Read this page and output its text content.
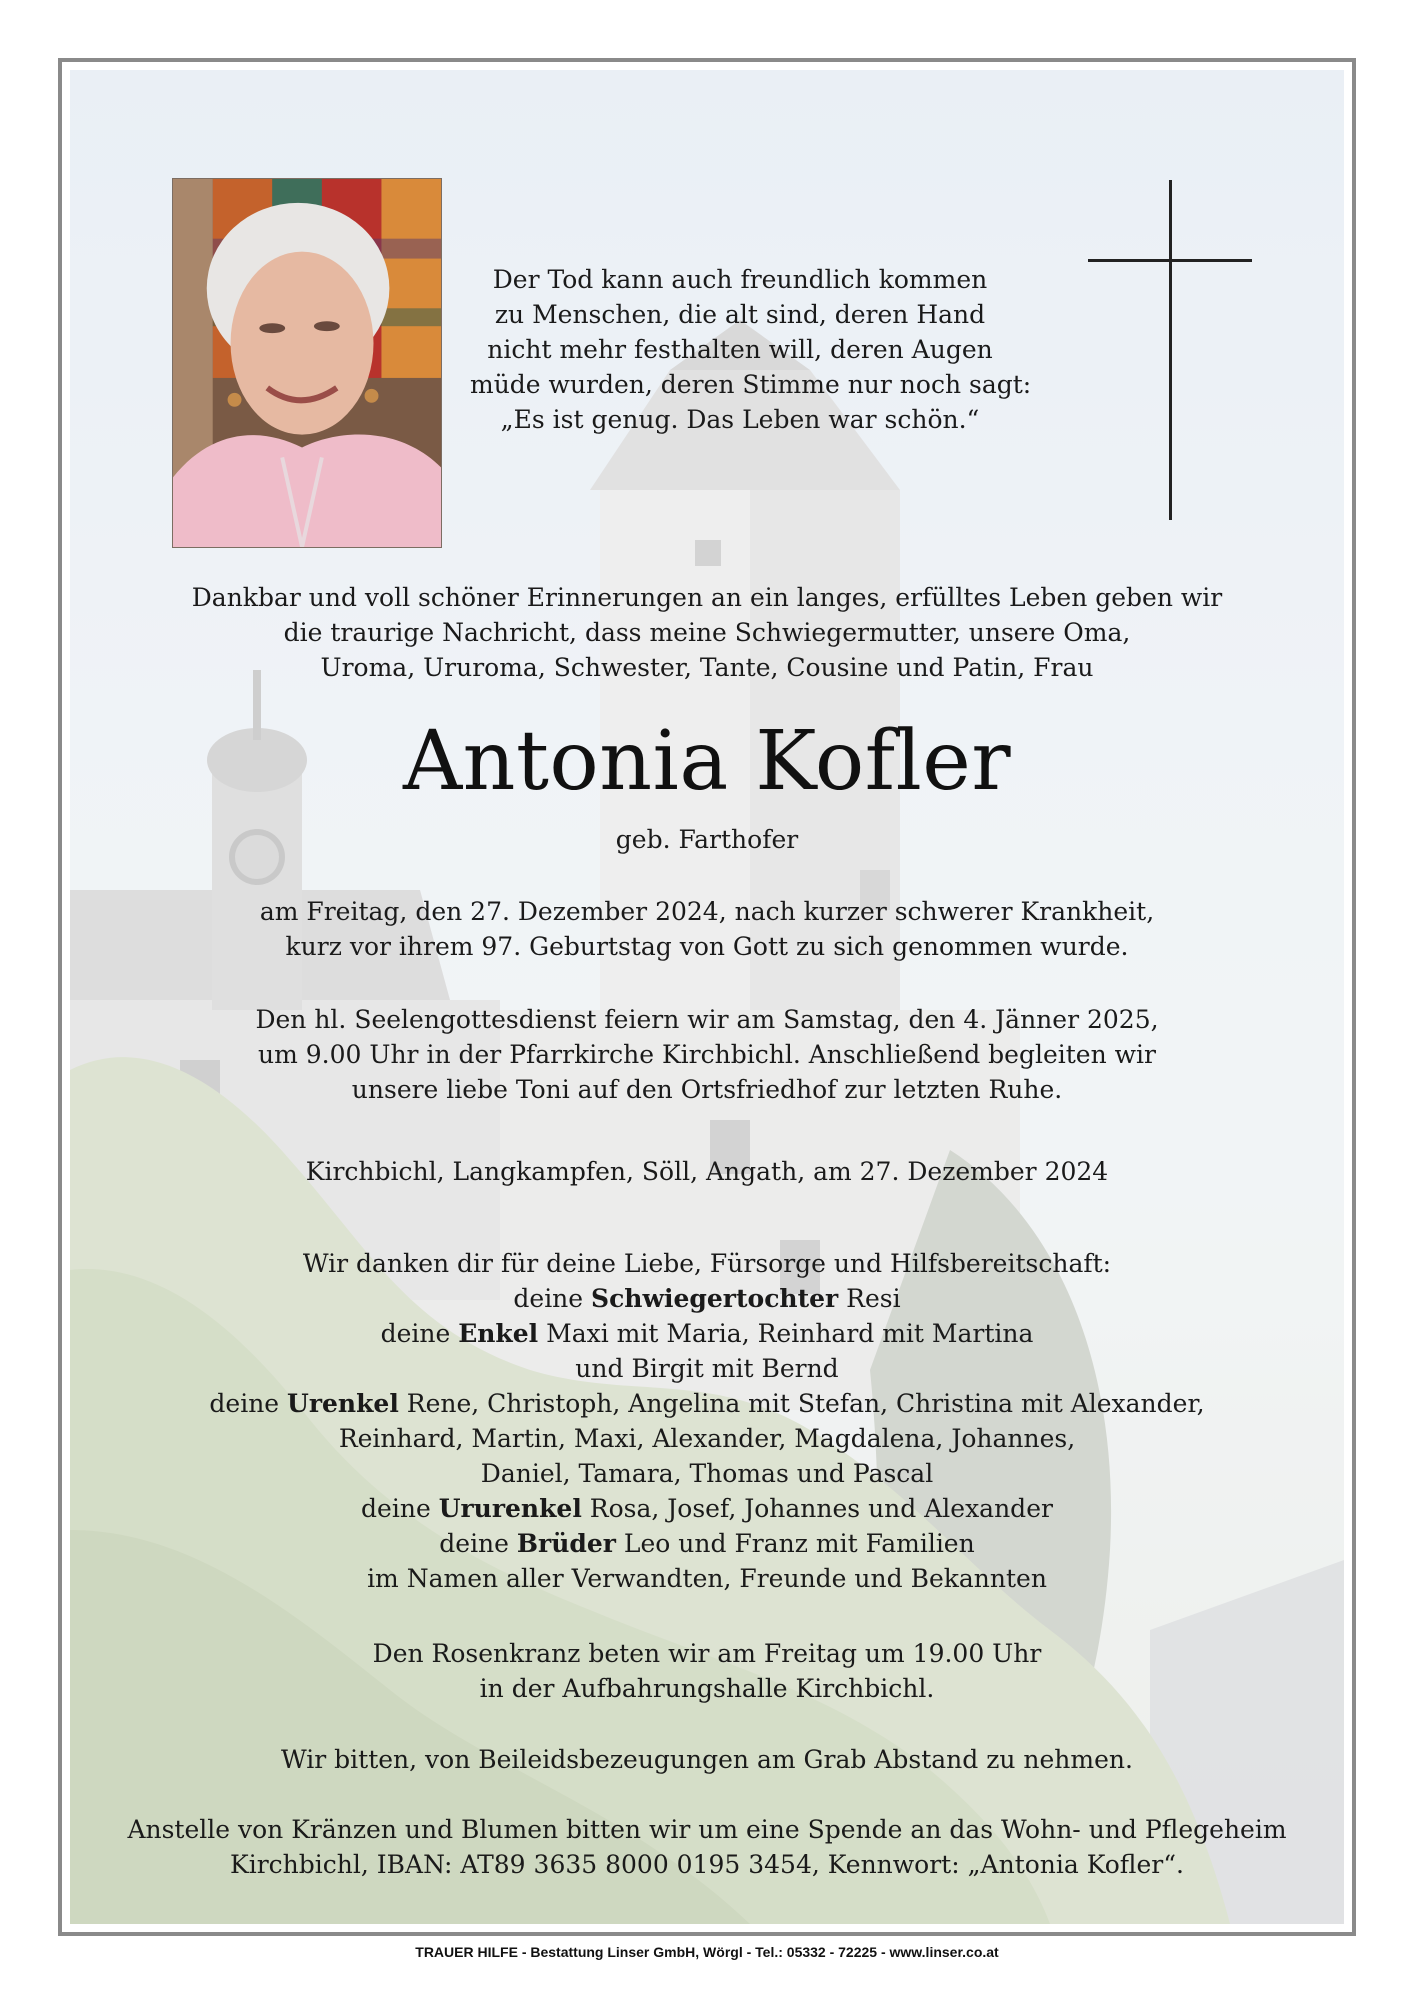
Der Tod kann auch freundlich kommen
zu Menschen, die alt sind, deren Hand
nicht mehr festhalten will, deren Augen
müde wurden, deren Stimme nur noch sagt:
„Es ist genug. Das Leben war schön.“
Dankbar und voll schöner Erinnerungen an ein langes, erfülltes Leben geben wir
die traurige Nachricht, dass meine Schwiegermutter, unsere Oma,
Uroma, Ururoma, Schwester, Tante, Cousine und Patin, Frau
Antonia Kofler
geb. Farthofer
am Freitag, den 27. Dezember 2024, nach kurzer schwerer Krankheit,
kurz vor ihrem 97. Geburtstag von Gott zu sich genommen wurde.
Den hl. Seelengottesdienst feiern wir am Samstag, den 4. Jänner 2025,
um 9.00 Uhr in der Pfarrkirche Kirchbichl. Anschließend begleiten wir
unsere liebe Toni auf den Ortsfriedhof zur letzten Ruhe.
Kirchbichl, Langkampfen, Söll, Angath, am 27. Dezember 2024
Wir danken dir für deine Liebe, Fürsorge und Hilfsbereitschaft:
deine Schwiegertochter Resi
deine Enkel Maxi mit Maria, Reinhard mit Martina
und Birgit mit Bernd
deine Urenkel Rene, Christoph, Angelina mit Stefan, Christina mit Alexander,
Reinhard, Martin, Maxi, Alexander, Magdalena, Johannes,
Daniel, Tamara, Thomas und Pascal
deine Ururenkel Rosa, Josef, Johannes und Alexander
deine Brüder Leo und Franz mit Familien
im Namen aller Verwandten, Freunde und Bekannten
Den Rosenkranz beten wir am Freitag um 19.00 Uhr
in der Aufbahrungshalle Kirchbichl.
Wir bitten, von Beileidsbezeugungen am Grab Abstand zu nehmen.
Anstelle von Kränzen und Blumen bitten wir um eine Spende an das Wohn- und Pflegeheim
Kirchbichl, IBAN: AT89 3635 8000 0195 3454, Kennwort: „Antonia Kofler“.
TRAUER HILFE - Bestattung Linser GmbH, Wörgl - Tel.: 05332 - 72225 - www.linser.co.at
